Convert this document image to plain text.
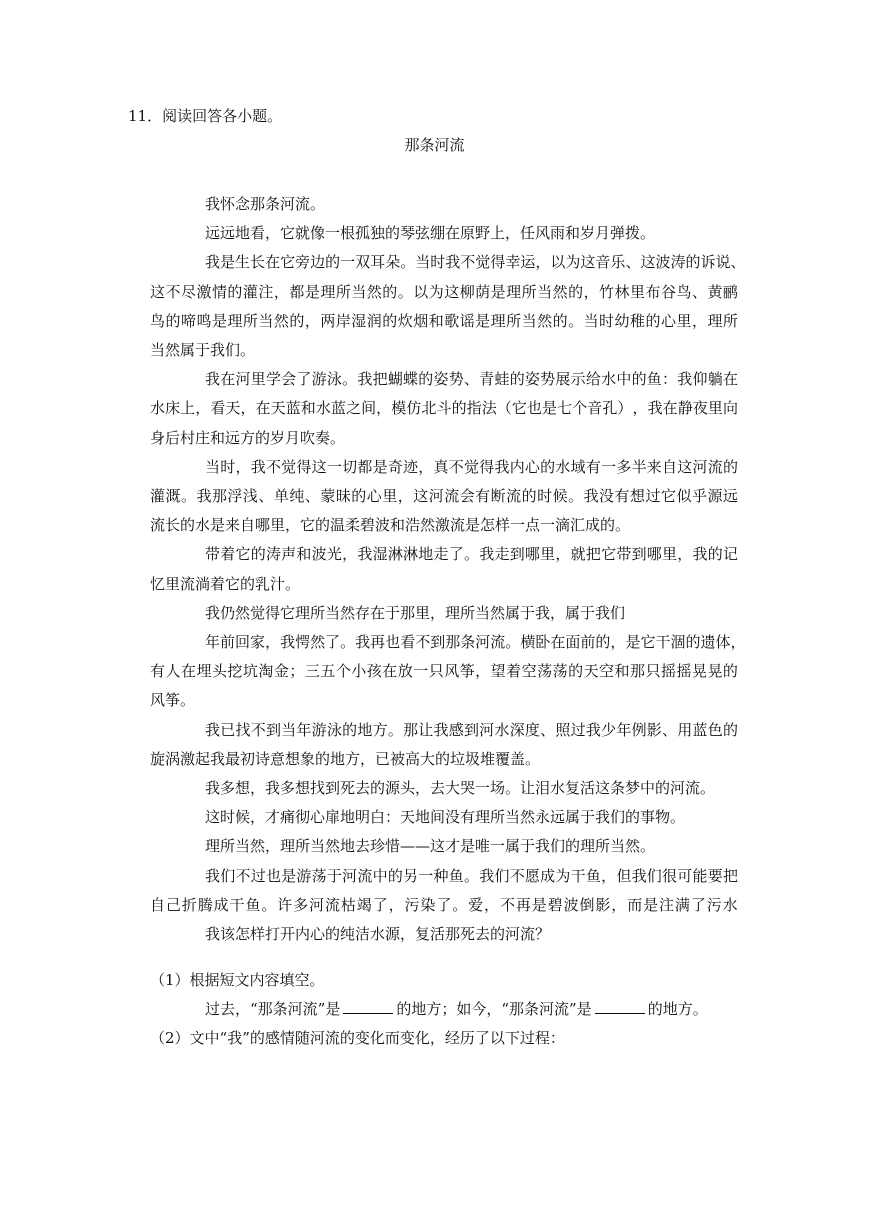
11．阅读回答各小题。
那条河流
我怀念那条河流。
远远地看，它就像一根孤独的琴弦绷在原野上，任风雨和岁月弹拨。
我 是 生 长 在 它 旁 边 的 一 双 耳 朵 。 当 时 我 不 觉 得 幸 运 ， 以 为 这 音 乐 、 这 波 涛 的 诉 说 、
这 不 尽 激 情 的 灌 注 ， 都 是 理 所 当 然 的 。 以 为 这 柳 荫 是 理 所 当 然 的 ， 竹 林 里 布 谷 鸟 、 黄 鹂
鸟 的 啼 鸣 是 理 所 当 然 的 ， 两 岸 湿 润 的 炊 烟 和 歌 谣 是 理 所 当 然 的 。 当 时 幼 稚 的 心 里 ， 理 所
当然属于我们。
我 在 河 里 学 会 了 游 泳 。 我 把 蝴 蝶 的 姿 势 、 青 蛙 的 姿 势 展 示 给 水 中 的 鱼 ： 我 仰 躺 在
水 床 上 ， 看 天 ， 在 天 蓝 和 水 蓝 之 间 ， 模 仿 北 斗 的 指 法 （ 它 也 是 七 个 音 孔 ） ， 我 在 静 夜 里 向
身后村庄和远方的岁月吹奏。
当 时 ， 我 不 觉 得 这 一 切 都 是 奇 迹 ， 真 不 觉 得 我 内 心 的 水 域 有 一 多 半 来 自 这 河 流 的
灌 溉 。 我 那 浮 浅 、 单 纯 、 蒙 昧 的 心 里 ， 这 河 流 会 有 断 流 的 时 候 。 我 没 有 想 过 它 似 乎 源 远
流长的水是来自哪里，它的温柔碧波和浩然激流是怎样一点一滴汇成的。
带 着 它 的 涛 声 和 波 光 ， 我 湿 淋 淋 地 走 了 。 我 走 到 哪 里 ， 就 把 它 带 到 哪 里 ， 我 的 记
忆里流淌着它的乳汁。
我仍然觉得它理所当然存在于那里，理所当然属于我，属于我们
年 前 回 家 ， 我 愕 然 了 。 我 再 也 看 不 到 那 条 河 流 。 横 卧 在 面 前 的 ， 是 它 干 涸 的 遗 体 ，
有 人 在 埋 头 挖 坑 淘 金 ； 三 五 个 小 孩 在 放 一 只 风 筝 ， 望 着 空 荡 荡 的 天 空 和 那 只 摇 摇 晃 晃 的
风筝。
我 已 找 不 到 当 年 游 泳 的 地 方 。 那 让 我 感 到 河 水 深 度 、 照 过 我 少 年 例 影 、 用 蓝 色 的
旋涡激起我最初诗意想象的地方，已被高大的垃圾堆覆盖。
我多想，我多想找到死去的源头，去大哭一场。让泪水复活这条梦中的河流。
这时候，才痛彻心扉地明白：天地间没有理所当然永远属于我们的事物。
理所当然，理所当然地去珍惜——这才是唯一属于我们的理所当然。
我 们 不 过 也 是 游 荡 于 河 流 中 的 另 一 种 鱼 。 我 们 不 愿 成 为 干 鱼 ， 但 我 们 很 可 能 要 把
自 己 折 腾 成 干 鱼 。 许 多 河 流 枯 竭 了 ， 污 染 了 。 爱 ， 不 再 是 碧 波 倒 影 ， 而 是 注 满 了 污 水
我该怎样打开内心的纯洁水源，复活那死去的河流？
（1）根据短文内容填空。
过去，“那条河流”是	的地方；如今，“那条河流”是	的地方。
（2）文中“我”的感情随河流的变化而变化，经历了以下过程：
